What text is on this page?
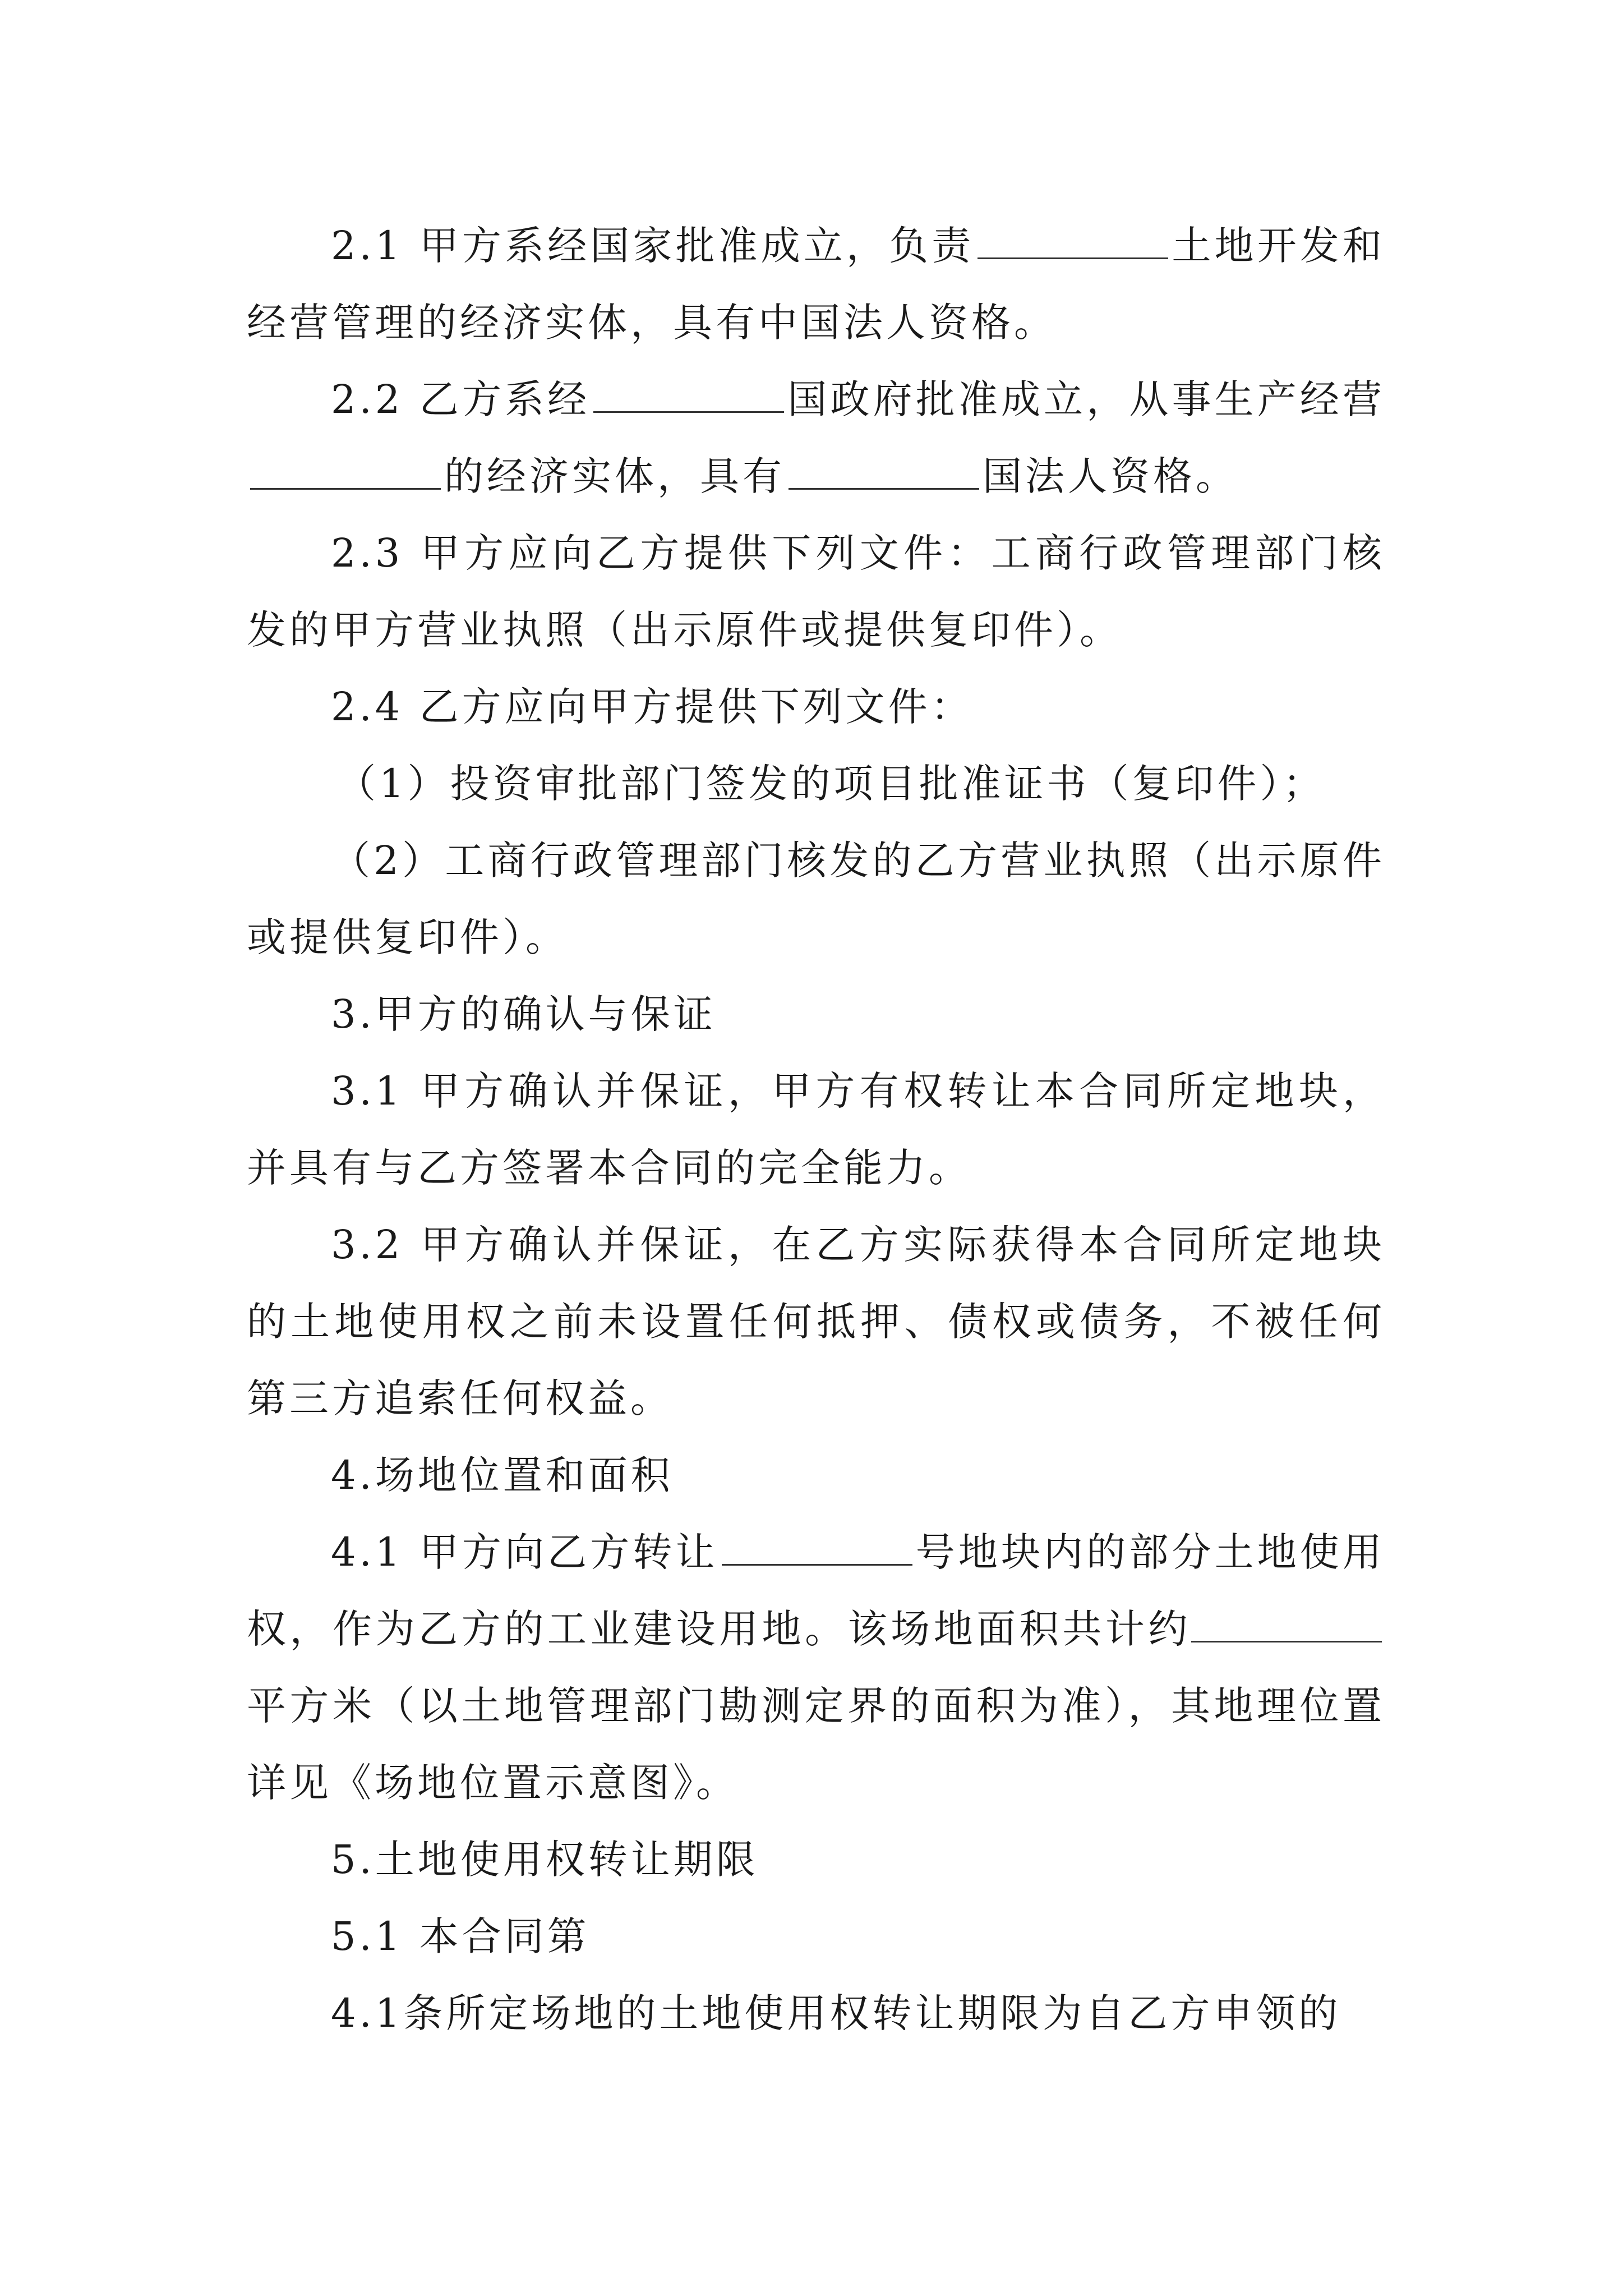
2.1 甲方系经国家批准成立，负责	土地开发和经营管理的经济实体，具有中国法人资格。

2.2 乙方系经	国政府批准成立，从事生产经营的经济实体，具有	国法人资格。

2.3 甲方应向乙方提供下列文件：工商行政管理部门核发的甲方营业执照（出示原件或提供复印件）。

2.4 乙方应向甲方提供下列文件：

（1）投资审批部门签发的项目批准证书（复印件）；

（2）工商行政管理部门核发的乙方营业执照（出示原件或提供复印件）。

3.甲方的确认与保证

3.1 甲方确认并保证，甲方有权转让本合同所定地块，并具有与乙方签署本合同的完全能力。

3.2 甲方确认并保证，在乙方实际获得本合同所定地块的土地使用权之前未设置任何抵押、债权或债务，不被任何第三方追索任何权益。

4.场地位置和面积

4.1 甲方向乙方转让	号地块内的部分土地使用权，作为乙方的工业建设用地。该场地面积共计约平方米（以土地管理部门勘测定界的面积为准），其地理位置详见《场地位置示意图》。

5.土地使用权转让期限

5.1 本合同第

4.1条所定场地的土地使用权转让期限为自乙方申领的
